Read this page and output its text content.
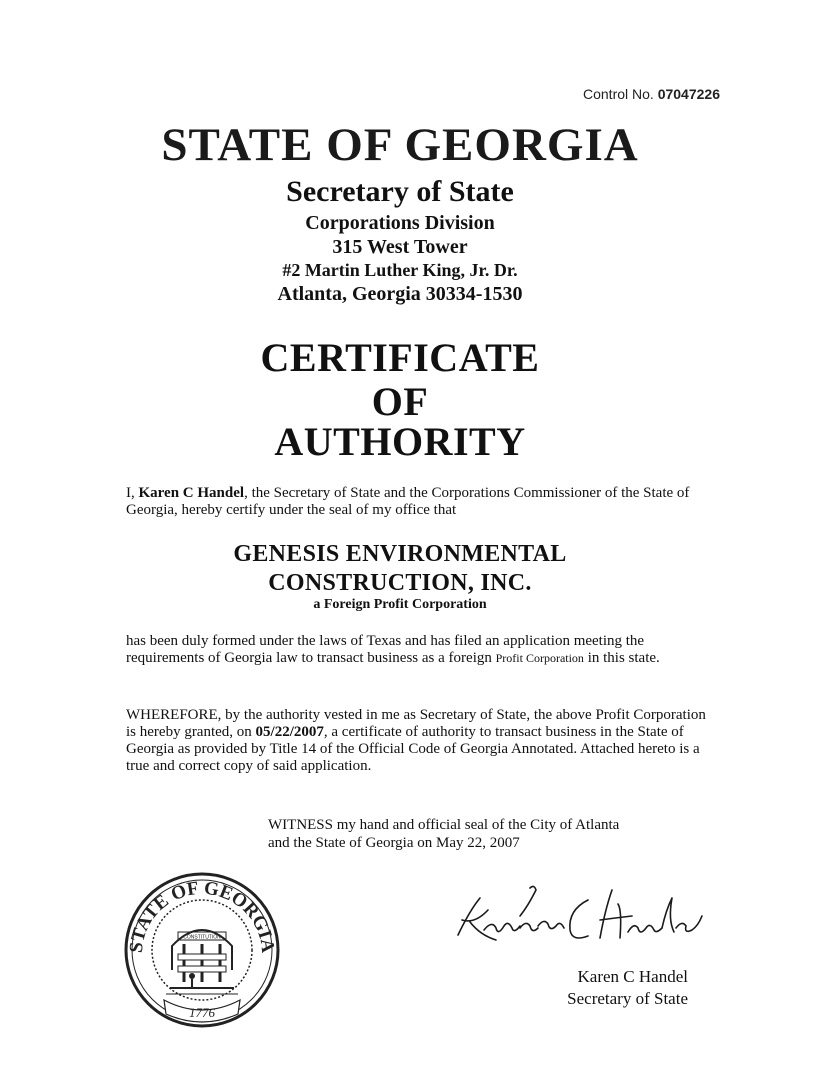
Control No. 07047226
STATE OF GEORGIA
Secretary of State
Corporations Division
315 West Tower
#2 Martin Luther King, Jr. Dr.
Atlanta, Georgia 30334-1530
CERTIFICATE
OF
AUTHORITY
I, Karen C Handel, the Secretary of State and the Corporations Commissioner of the State of Georgia, hereby certify under the seal of my office that
GENESIS ENVIRONMENTAL CONSTRUCTION, INC.
a Foreign Profit Corporation
has been duly formed under the laws of Texas and has filed an application meeting the requirements of Georgia law to transact business as a foreign Profit Corporation in this state.
WHEREFORE, by the authority vested in me as Secretary of State, the above Profit Corporation is hereby granted, on 05/22/2007, a certificate of authority to transact business in the State of Georgia as provided by Title 14 of the Official Code of Georgia Annotated. Attached hereto is a true and correct copy of said application.
WITNESS my hand and official seal of the City of Atlanta
and the State of Georgia on May 22, 2007
STATE OF GEORGIA
CONSTITUTION
1776
Karen C Handel
Secretary of State
